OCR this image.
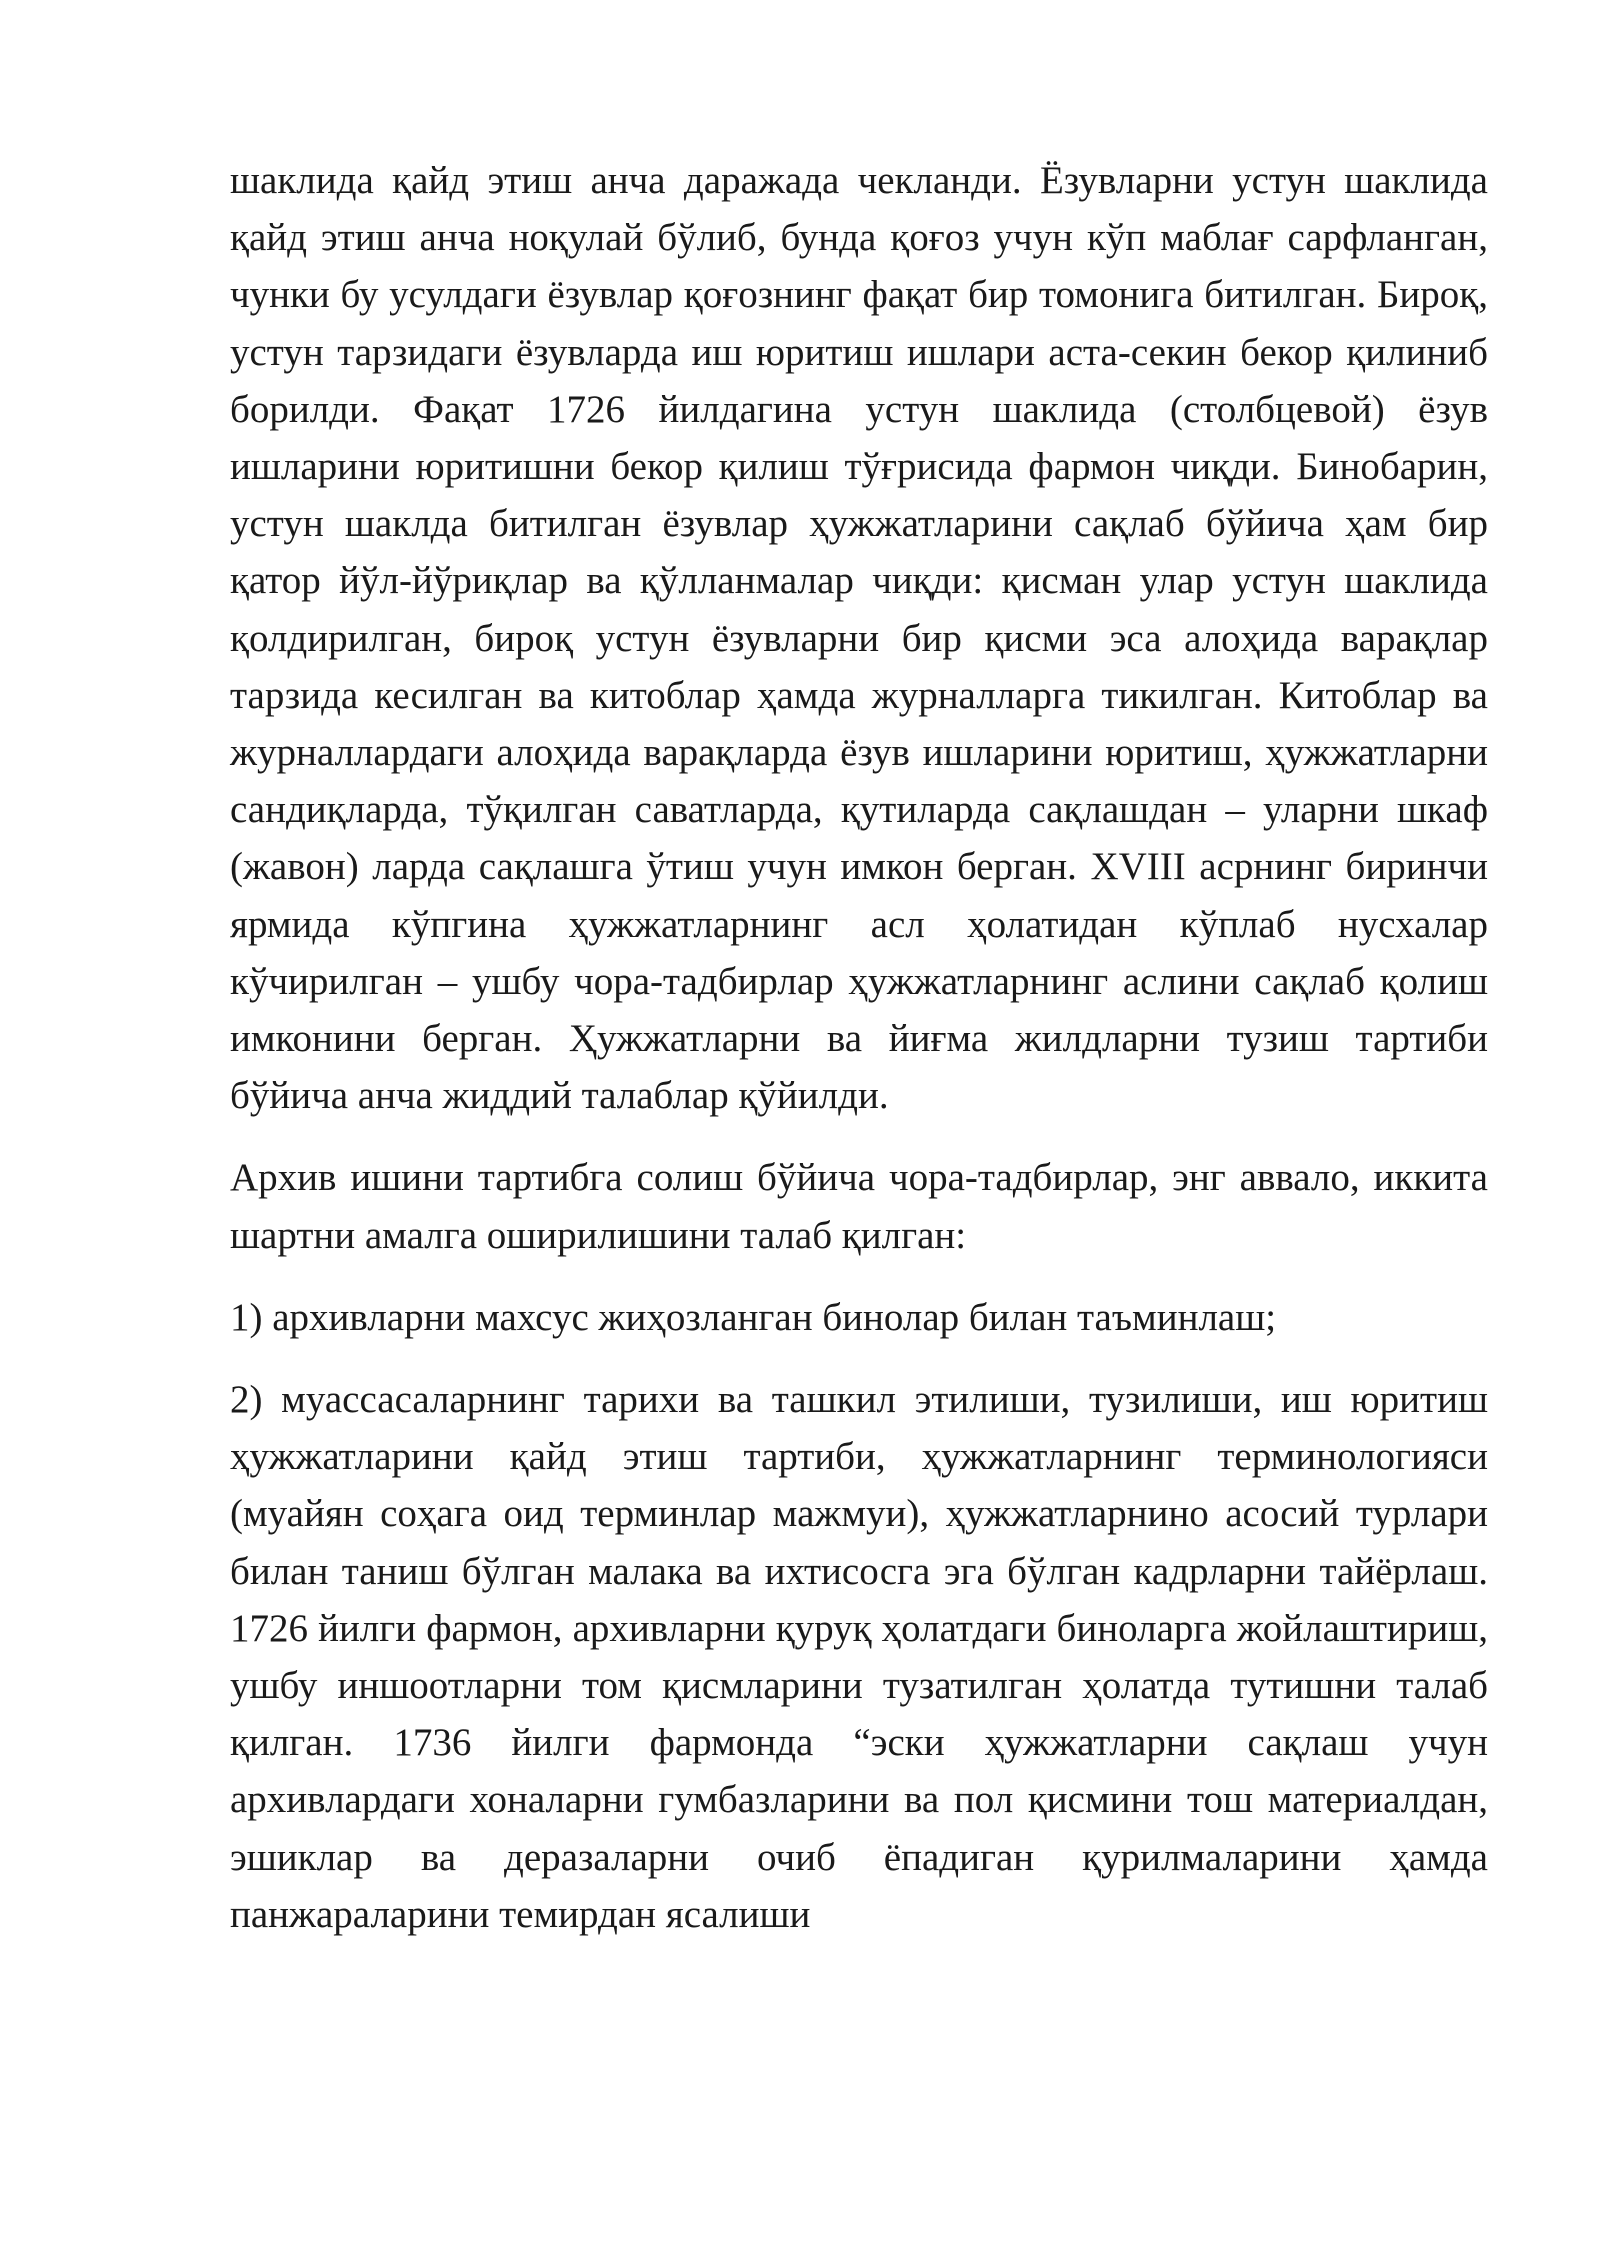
шаклида қайд этиш анча даражада чекланди. Ёзувларни устун шаклида қайд этиш анча ноқулай бўлиб, бунда қоғоз учун кўп маблағ сарфланган, чунки бу усулдаги ёзувлар қоғознинг фақат бир томонига битилган. Бироқ, устун тарзидаги ёзувларда иш юритиш ишлари аста-секин бекор қилиниб борилди. Фақат 1726 йилдагина устун шаклида (столбцевой) ёзув ишларини юритишни бекор қилиш тўғрисида фармон чиқди. Бинобарин, устун шаклда битилган ёзувлар ҳужжатларини сақлаб бўйича ҳам бир қатор йўл-йўриқлар ва қўлланмалар чиқди: қисман улар устун шаклида қолдирилган, бироқ устун ёзувларни бир қисми эса алоҳида варақлар тарзида кесилган ва китоблар ҳамда журналларга тикилган. Китоблар ва журналлардаги алоҳида варақларда ёзув ишларини юритиш, ҳужжатларни сандиқларда, тўқилган саватларда, қутиларда сақлашдан – уларни шкаф (жавон) ларда сақлашга ўтиш учун имкон берган. XVIII асрнинг биринчи ярмида кўпгина ҳужжатларнинг асл ҳолатидан кўплаб нусхалар кўчирилган – ушбу чора-тадбирлар ҳужжатларнинг аслини сақлаб қолиш имконини берган. Ҳужжатларни ва йиғма жилдларни тузиш тартиби бўйича анча жиддий талаблар қўйилди.

Архив ишини тартибга солиш бўйича чора-тадбирлар, энг аввало, иккита шартни амалга оширилишини талаб қилган:

1) архивларни махсус жиҳозланган бинолар билан таъминлаш;

2) муассасаларнинг тарихи ва ташкил этилиши, тузилиши, иш юритиш ҳужжатларини қайд этиш тартиби, ҳужжатларнинг терминологияси (муайян соҳага оид терминлар мажмуи), ҳужжатларнино асосий турлари билан таниш бўлган малака ва ихтисосга эга бўлган кадрларни тайёрлаш. 1726 йилги фармон, архивларни қуруқ ҳолатдаги биноларга жойлаштириш, ушбу иншоотларни том қисмларини тузатилган ҳолатда тутишни талаб қилган. 1736 йилги фармонда “эски ҳужжатларни сақлаш учун архивлардаги хоналарни гумбазларини ва пол қисмини тош материалдан, эшиклар ва деразаларни очиб ёпадиган қурилмаларини ҳамда панжараларини темирдан ясалиши
